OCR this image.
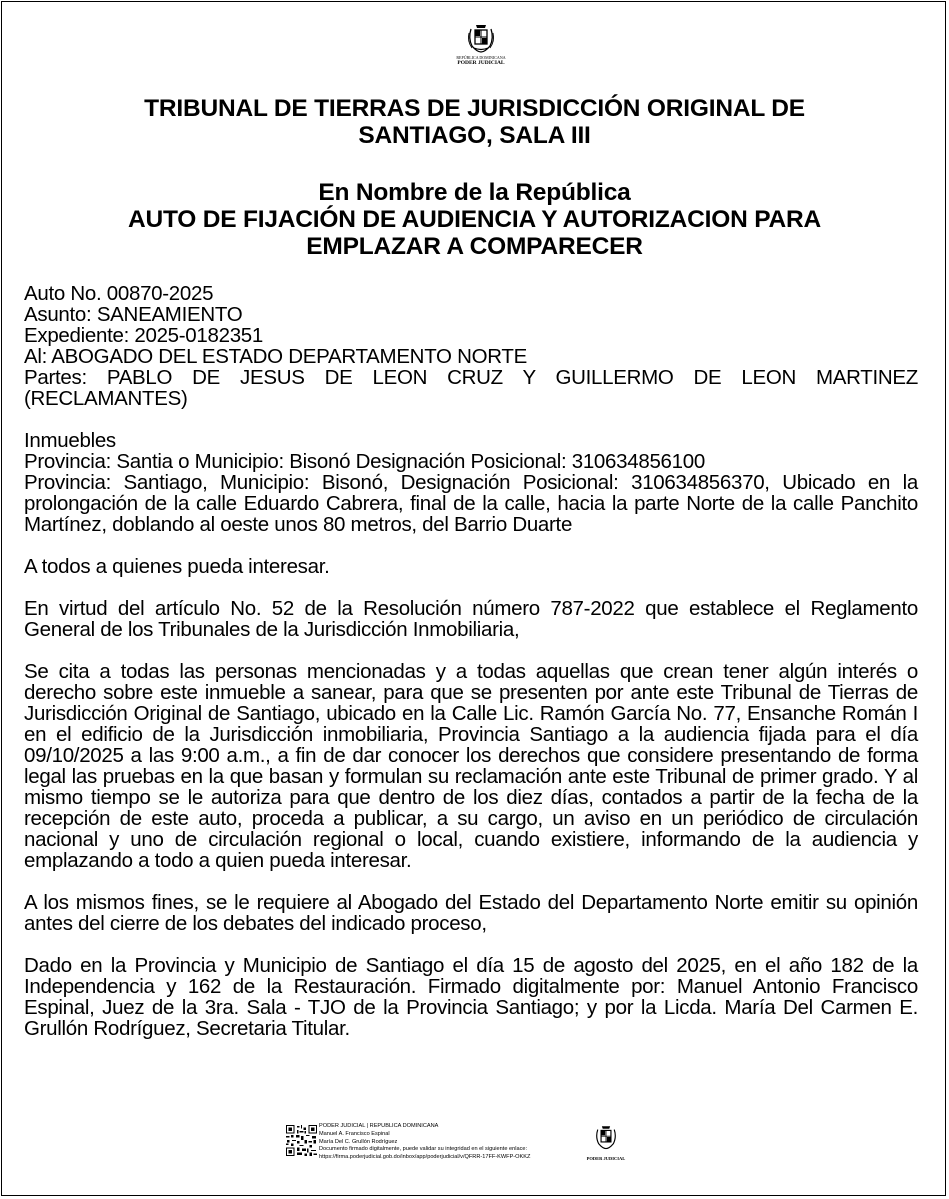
REPÚBLICA DOMINICANA
PODER JUDICIAL
TRIBUNAL DE TIERRAS DE JURISDICCIÓN ORIGINAL DE
SANTIAGO, SALA III
En Nombre de la República
AUTO DE FIJACIÓN DE AUDIENCIA Y AUTORIZACION PARA
EMPLAZAR A COMPARECER

Auto No. 00870-2025

Asunto: SANEAMIENTO

Expediente: 2025-0182351

Al: ABOGADO DEL ESTADO DEPARTAMENTO NORTE

Partes: PABLO DE JESUS DE LEON CRUZ Y GUILLERMO DE LEON MARTINEZ (RECLAMANTES)

Inmuebles

Provincia: Santia o Municipio: Bisonó Designación Posicional: 310634856100

Provincia: Santiago, Municipio: Bisonó, Designación Posicional: 310634856370, Ubicado en la prolongación de la calle Eduardo Cabrera, final de la calle, hacia la parte Norte de la calle Panchito Martínez, doblando al oeste unos 80 metros, del Barrio Duarte

A todos a quienes pueda interesar.

En virtud del artículo No. 52 de la Resolución número 787-2022 que establece el Reglamento General de los Tribunales de la Jurisdicción Inmobiliaria,

Se cita a todas las personas mencionadas y a todas aquellas que crean tener algún interés o derecho sobre este inmueble a sanear, para que se presenten por ante este Tribunal de Tierras de Jurisdicción Original de Santiago, ubicado en la Calle Lic. Ramón García No. 77, Ensanche Román I en el edificio de la Jurisdicción inmobiliaria, Provincia Santiago a la audiencia fijada para el día 09/10/2025 a las 9:00 a.m., a fin de dar conocer los derechos que considere presentando de forma legal las pruebas en la que basan y formulan su reclamación ante este Tribunal de primer grado. Y al mismo tiempo se le autoriza para que dentro de los diez días, contados a partir de la fecha de la recepción de este auto, proceda a publicar, a su cargo, un aviso en un periódico de circulación nacional y uno de circulación regional o local, cuando existiere, informando de la audiencia y emplazando a todo a quien pueda interesar.

A los mismos fines, se le requiere al Abogado del Estado del Departamento Norte emitir su opinión antes del cierre de los debates del indicado proceso,

Dado en la Provincia y Municipio de Santiago el día 15 de agosto del 2025, en el año 182 de la Independencia y 162 de la Restauración. Firmado digitalmente por: Manuel Antonio Francisco Espinal, Juez de la 3ra. Sala - TJO de la Provincia Santiago; y por la Licda. María Del Carmen E. Grullón Rodríguez, Secretaria Titular.

PODER JUDICIAL | REPÚBLICA DOMINICANA
Manuel A. Francisco Espinal
María Del C. Grullón Rodríguez
Documento firmado digitalmente, puede validar su integridad en el siguiente enlace:
https://firma.poderjudicial.gob.do/inbox/app/poderjudicial/v/QFRR-17FF-KWFP-OKKZ	PODER JUDICIAL
